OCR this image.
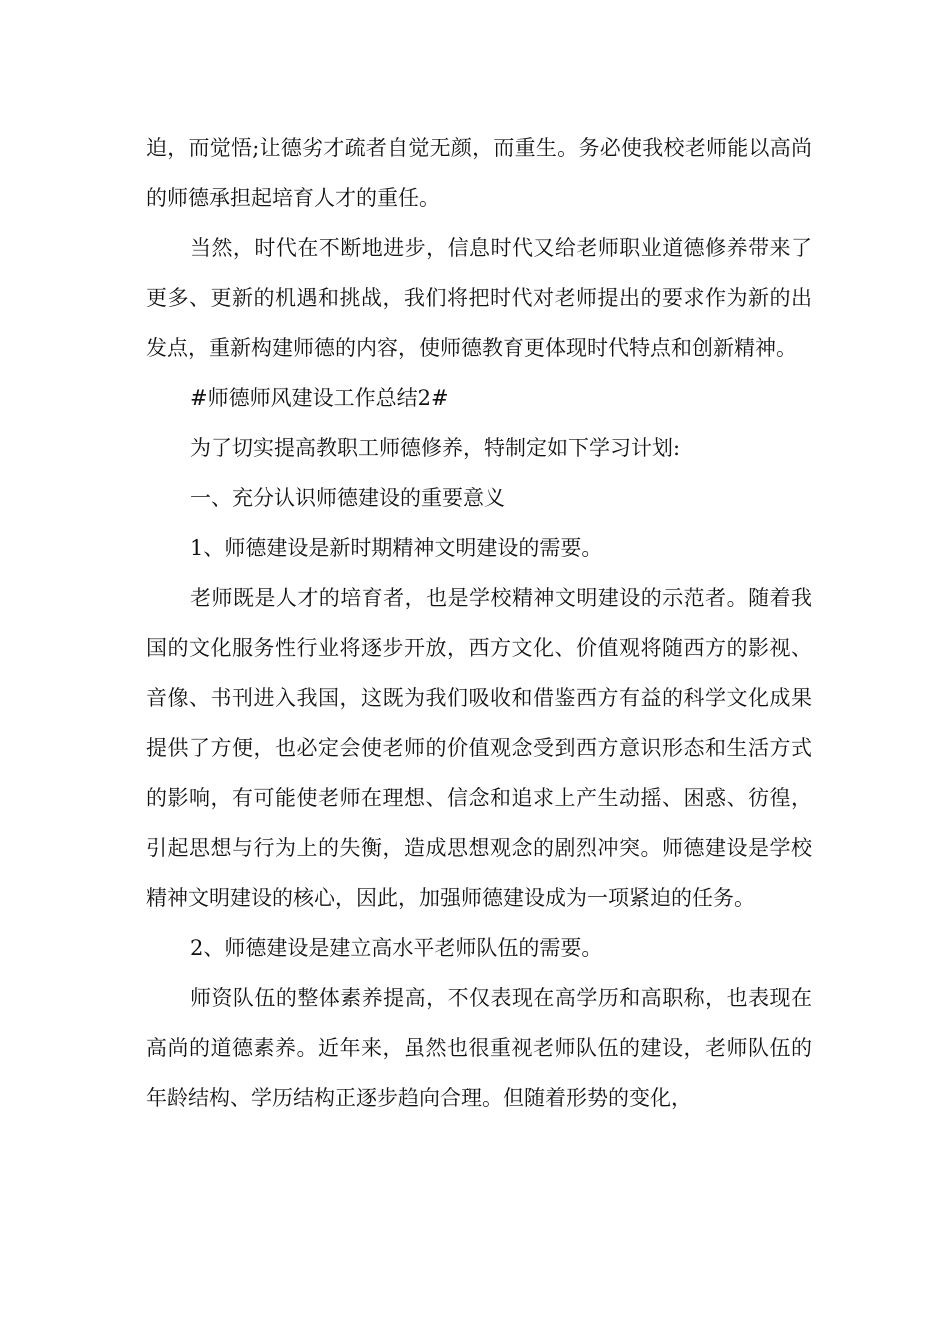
迫，而觉悟;让德劣才疏者自觉无颜，而重生。务必使我校老师能以高尚的师德承担起培育人才的重任。

当然，时代在不断地进步，信息时代又给老师职业道德修养带来了更多、更新的机遇和挑战，我们将把时代对老师提出的要求作为新的出发点，重新构建师德的内容，使师德教育更体现时代特点和创新精神。

#师德师风建设工作总结2#

为了切实提高教职工师德修养，特制定如下学习计划:

一、充分认识师德建设的重要意义

1、师德建设是新时期精神文明建设的需要。

老师既是人才的培育者，也是学校精神文明建设的示范者。随着我国的文化服务性行业将逐步开放，西方文化、价值观将随西方的影视、音像、书刊进入我国，这既为我们吸收和借鉴西方有益的科学文化成果提供了方便，也必定会使老师的价值观念受到西方意识形态和生活方式的影响，有可能使老师在理想、信念和追求上产生动摇、困惑、彷徨，引起思想与行为上的失衡，造成思想观念的剧烈冲突。师德建设是学校精神文明建设的核心，因此，加强师德建设成为一项紧迫的任务。

2、师德建设是建立高水平老师队伍的需要。

师资队伍的整体素养提高，不仅表现在高学历和高职称，也表现在高尚的道德素养。近年来，虽然也很重视老师队伍的建设，老师队伍的年龄结构、学历结构正逐步趋向合理。但随着形势的变化，
